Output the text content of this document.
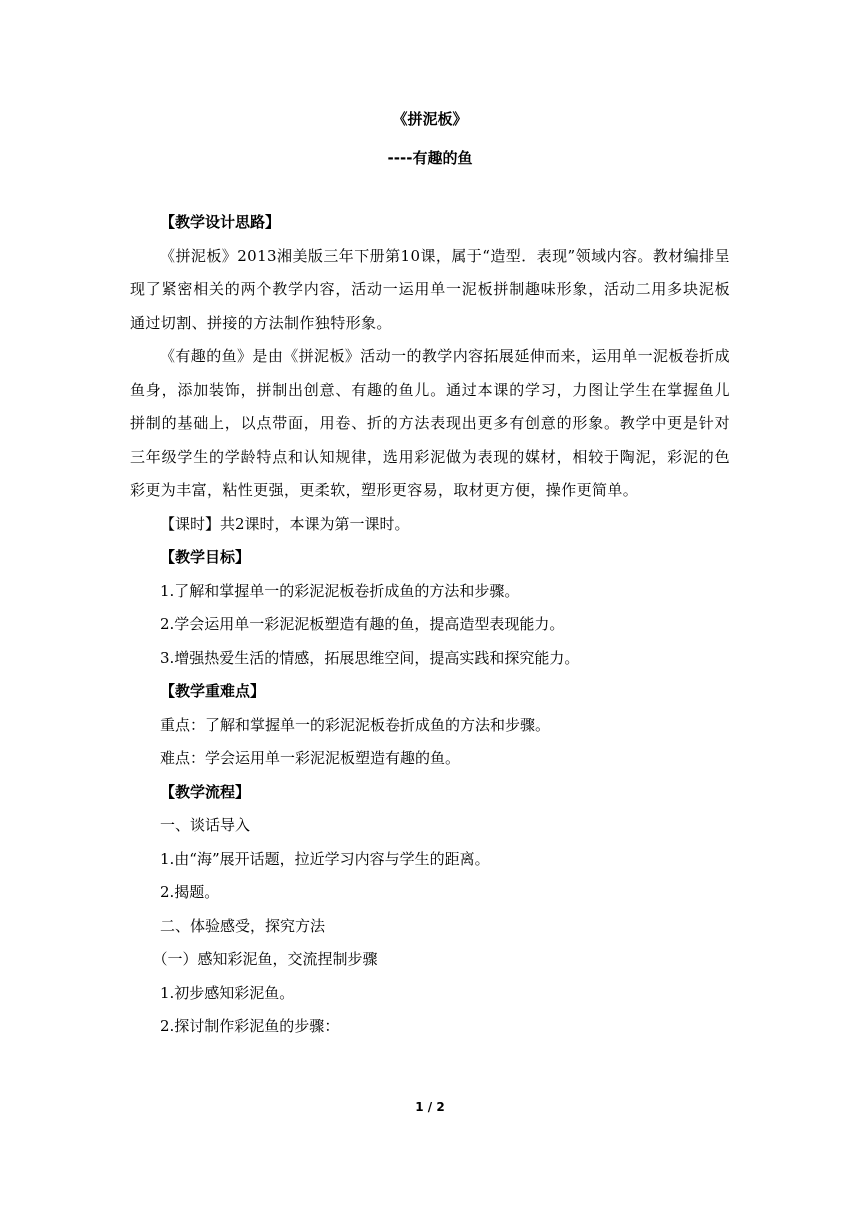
《拼泥板》
----有趣的鱼
【教学设计思路】
《拼泥板》2013湘美版三年下册第10课，属于“造型．表现”领域内容。教材编排呈现了紧密相关的两个教学内容，活动一运用单一泥板拼制趣味形象，活动二用多块泥板通过切割、拼接的方法制作独特形象。
《有趣的鱼》是由《拼泥板》活动一的教学内容拓展延伸而来，运用单一泥板卷折成鱼身，添加装饰，拼制出创意、有趣的鱼儿。通过本课的学习，力图让学生在掌握鱼儿拼制的基础上，以点带面，用卷、折的方法表现出更多有创意的形象。教学中更是针对三年级学生的学龄特点和认知规律，选用彩泥做为表现的媒材，相较于陶泥，彩泥的色彩更为丰富，粘性更强，更柔软，塑形更容易，取材更方便，操作更简单。
【课时】共2课时，本课为第一课时。
【教学目标】
1.了解和掌握单一的彩泥泥板卷折成鱼的方法和步骤。
2.学会运用单一彩泥泥板塑造有趣的鱼，提高造型表现能力。
3.增强热爱生活的情感，拓展思维空间，提高实践和探究能力。
【教学重难点】
重点：了解和掌握单一的彩泥泥板卷折成鱼的方法和步骤。
难点：学会运用单一彩泥泥板塑造有趣的鱼。
【教学流程】
一、谈话导入
1.由“海”展开话题，拉近学习内容与学生的距离。
2.揭题。
二、体验感受，探究方法
（一）感知彩泥鱼，交流捏制步骤
1.初步感知彩泥鱼。
2.探讨制作彩泥鱼的步骤：
1 / 2
